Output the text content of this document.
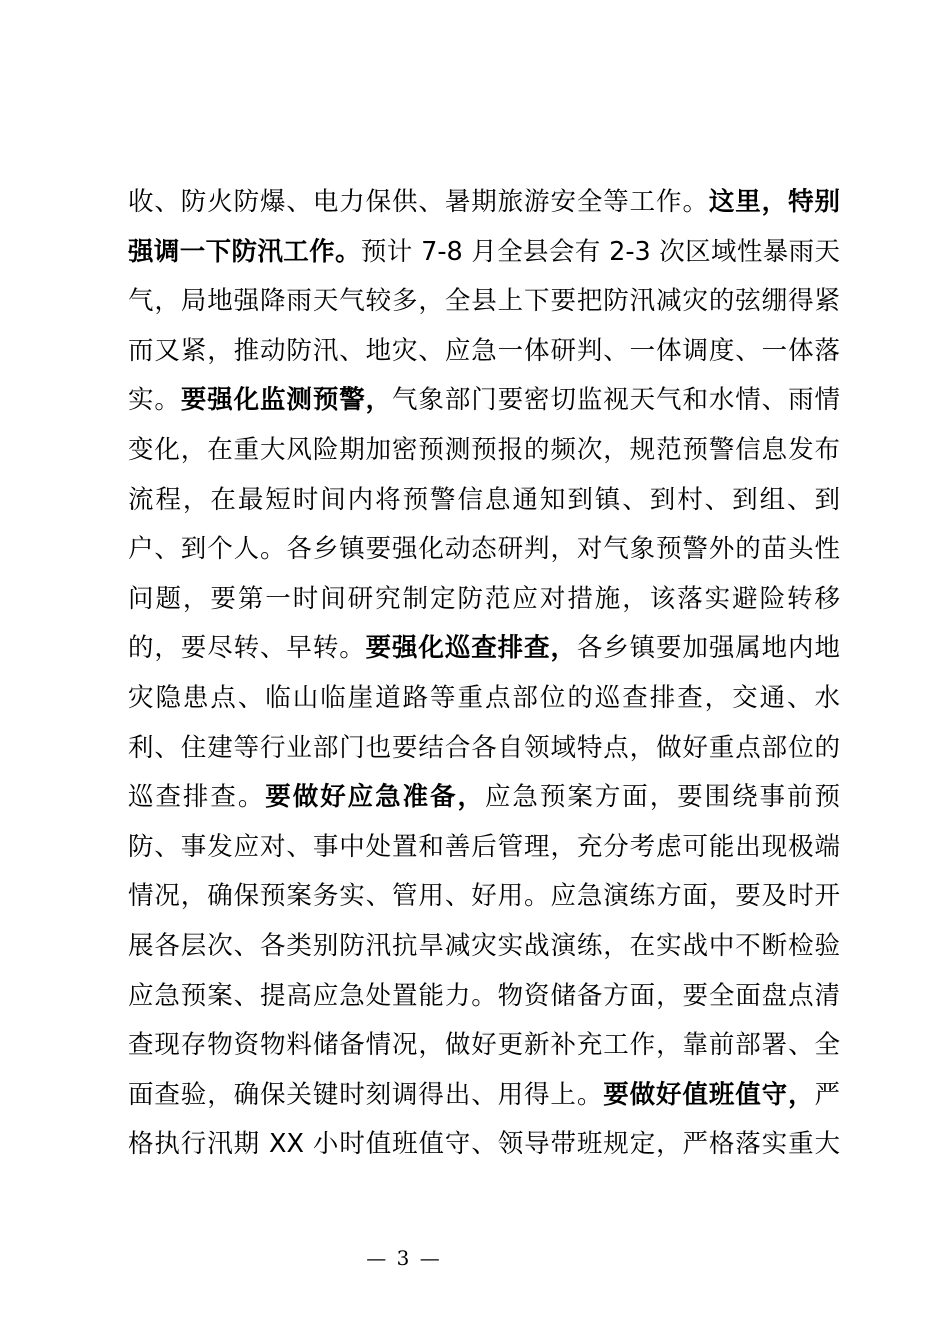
收、防火防爆、电力保供、暑期旅游安全等工作。这里，特别
强调一下防汛工作。预计 7-8 月全县会有 2-3 次区域性暴雨天
气，局地强降雨天气较多，全县上下要把防汛减灾的弦绷得紧
而又紧，推动防汛、地灾、应急一体研判、一体调度、一体落
实。要强化监测预警，气象部门要密切监视天气和水情、雨情
变化，在重大风险期加密预测预报的频次，规范预警信息发布
流程，在最短时间内将预警信息通知到镇、到村、到组、到
户、到个人。各乡镇要强化动态研判，对气象预警外的苗头性
问题，要第一时间研究制定防范应对措施，该落实避险转移
的，要尽转、早转。要强化巡查排查，各乡镇要加强属地内地
灾隐患点、临山临崖道路等重点部位的巡查排查，交通、水
利、住建等行业部门也要结合各自领域特点，做好重点部位的
巡查排查。要做好应急准备，应急预案方面，要围绕事前预
防、事发应对、事中处置和善后管理，充分考虑可能出现极端
情况，确保预案务实、管用、好用。应急演练方面，要及时开
展各层次、各类别防汛抗旱减灾实战演练，在实战中不断检验
应急预案、提高应急处置能力。物资储备方面，要全面盘点清
查现存物资物料储备情况，做好更新补充工作，靠前部署、全
面查验，确保关键时刻调得出、用得上。要做好值班值守，严
格执行汛期 XX 小时值班值守、领导带班规定，严格落实重大
— 3 —
